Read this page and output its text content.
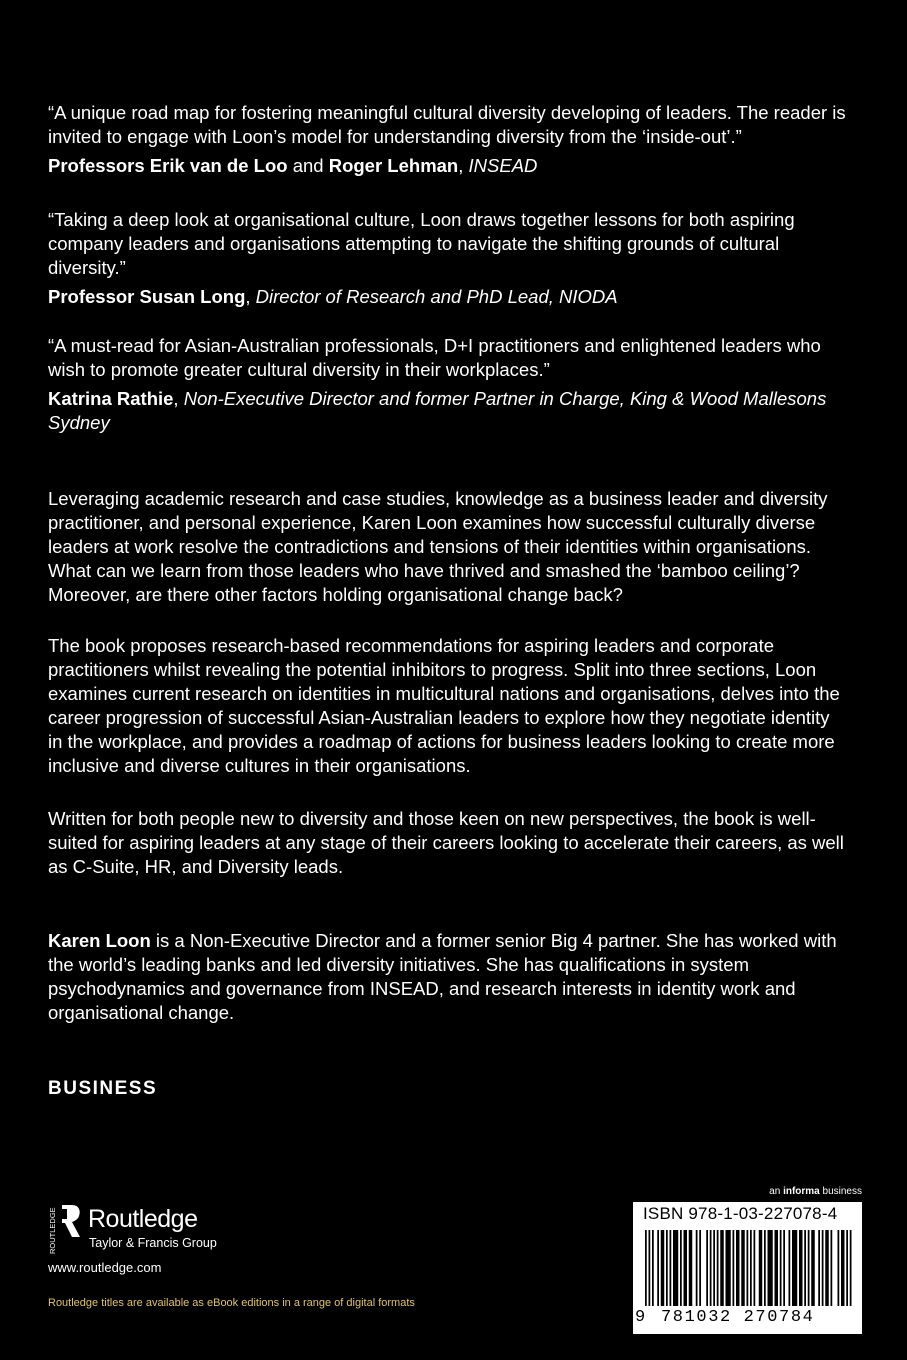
“A unique road map for fostering meaningful cultural diversity developing of leaders. The reader is invited to engage with Loon’s model for understanding diversity from the ‘inside-out’.”

Professors Erik van de Loo and Roger Lehman, INSEAD

“Taking a deep look at organisational culture, Loon draws together lessons for both aspiring company leaders and organisations attempting to navigate the shifting grounds of cultural diversity.”

Professor Susan Long, Director of Research and PhD Lead, NIODA

“A must-read for Asian-Australian professionals, D+I practitioners and enlightened leaders who wish to promote greater cultural diversity in their workplaces.”

Katrina Rathie, Non-Executive Director and former Partner in Charge, King & Wood Mallesons Sydney

Leveraging academic research and case studies, knowledge as a business leader and diversity practitioner, and personal experience, Karen Loon examines how successful culturally diverse leaders at work resolve the contradictions and tensions of their identities within organisations. What can we learn from those leaders who have thrived and smashed the ‘bamboo ceiling’? Moreover, are there other factors holding organisational change back?

The book proposes research-based recommendations for aspiring leaders and corporate practitioners whilst revealing the potential inhibitors to progress. Split into three sections, Loon examines current research on identities in multicultural nations and organisations, delves into the career progression of successful Asian-Australian leaders to explore how they negotiate identity in the workplace, and provides a roadmap of actions for business leaders looking to create more inclusive and diverse cultures in their organisations.

Written for both people new to diversity and those keen on new perspectives, the book is well-suited for aspiring leaders at any stage of their careers looking to accelerate their careers, as well as C-Suite, HR, and Diversity leads.

Karen Loon is a Non-Executive Director and a former senior Big 4 partner. She has worked with the world’s leading banks and led diversity initiatives. She has qualifications in system psychodynamics and governance from INSEAD, and research interests in identity work and organisational change.

BUSINESS
ROUTLEDGE Routledge
Taylor & Francis Group
www.routledge.com
Routledge titles are available as eBook editions in a range of digital formats
an informa business
ISBN 978-1-03-227078-4
9 781032 270784
